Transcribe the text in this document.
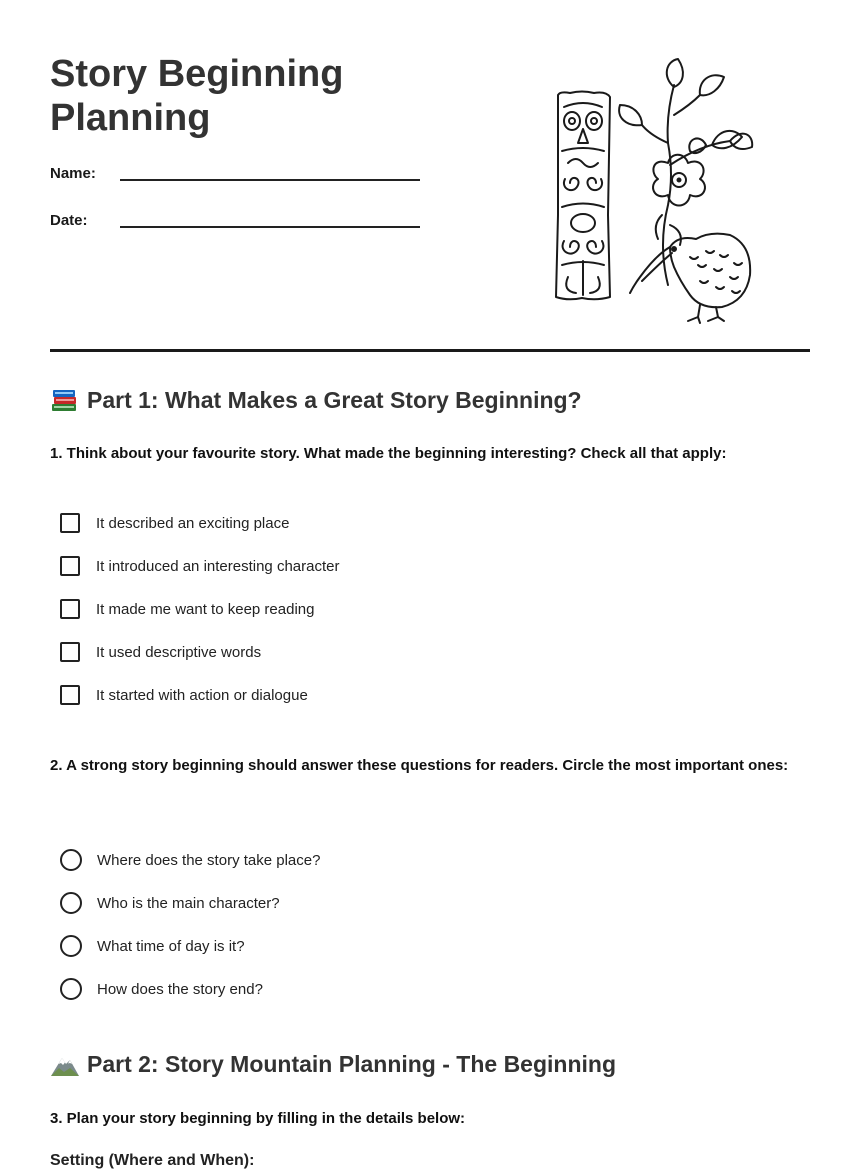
Story Beginning
Planning
Name:
Date:
Part 1: What Makes a Great Story Beginning?

1. Think about your favourite story. What made the beginning interesting? Check all that apply:

It described an exciting place
It introduced an interesting character
It made me want to keep reading
It used descriptive words
It started with action or dialogue

2. A strong story beginning should answer these questions for readers. Circle the most important ones:

Where does the story take place?
Who is the main character?
What time of day is it?
How does the story end?
Part 2: Story Mountain Planning - The Beginning

3. Plan your story beginning by filling in the details below:

Setting (Where and When):
